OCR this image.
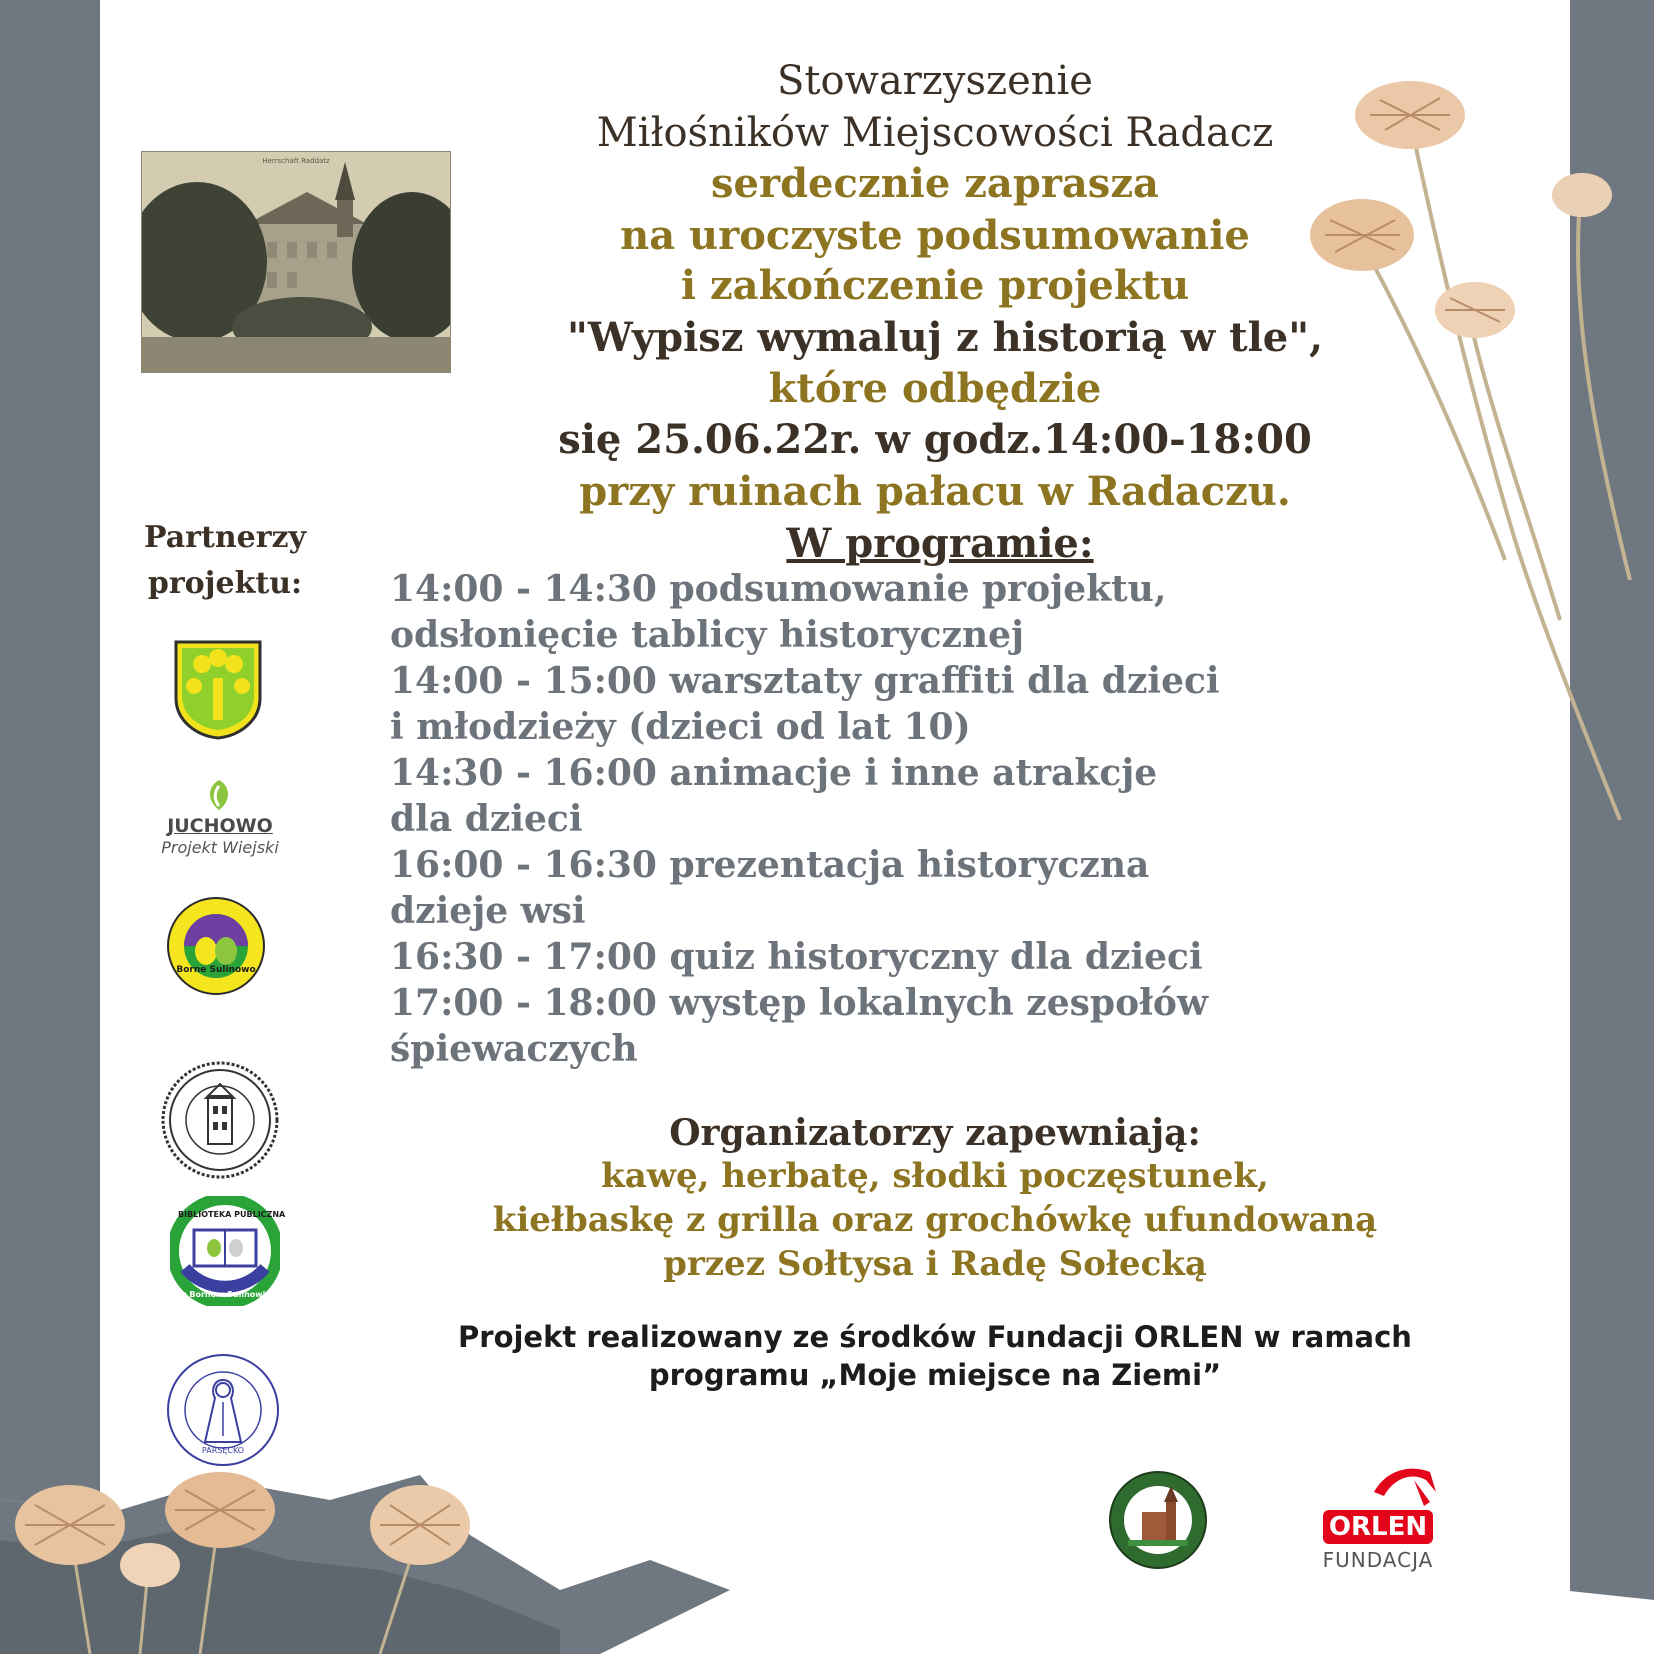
Herrschaft Raddatz

Stowarzyszenie

Miłośników Miejscowości Radacz

serdecznie zaprasza

na uroczyste podsumowanie

i zakończenie projektu

"Wypisz wymaluj z historią w tle",

które odbędzie

się 25.06.22r. w godz.14:00-18:00

przy ruinach pałacu w Radaczu.

W programie:

14:00 - 14:30 podsumowanie projektu,

odsłonięcie tablicy historycznej

14:00 - 15:00 warsztaty graffiti dla dzieci

i młodzieży (dzieci od lat 10)

14:30 - 16:00 animacje i inne atrakcje

dla dzieci

16:00 - 16:30 prezentacja historyczna

dzieje wsi

16:30 - 17:00 quiz historyczny dla dzieci

17:00 - 18:00 występ lokalnych zespołów

śpiewaczych

Organizatorzy zapewniają:

kawę, herbatę, słodki poczęstunek,

kiełbaskę z grilla oraz grochówkę ufundowaną

przez Sołtysa i Radę Sołecką

Projekt realizowany ze środków Fundacji ORLEN w ramach

programu „Moje miejsce na Ziemi”

Partnerzy

projektu:

JUCHOWO

Projekt Wiejski

Borne Sulinowo

BIBLIOTEKA PUBLICZNA

w Bornem Sulinowie

PARSĘCKO

ORLEN

FUNDACJA
